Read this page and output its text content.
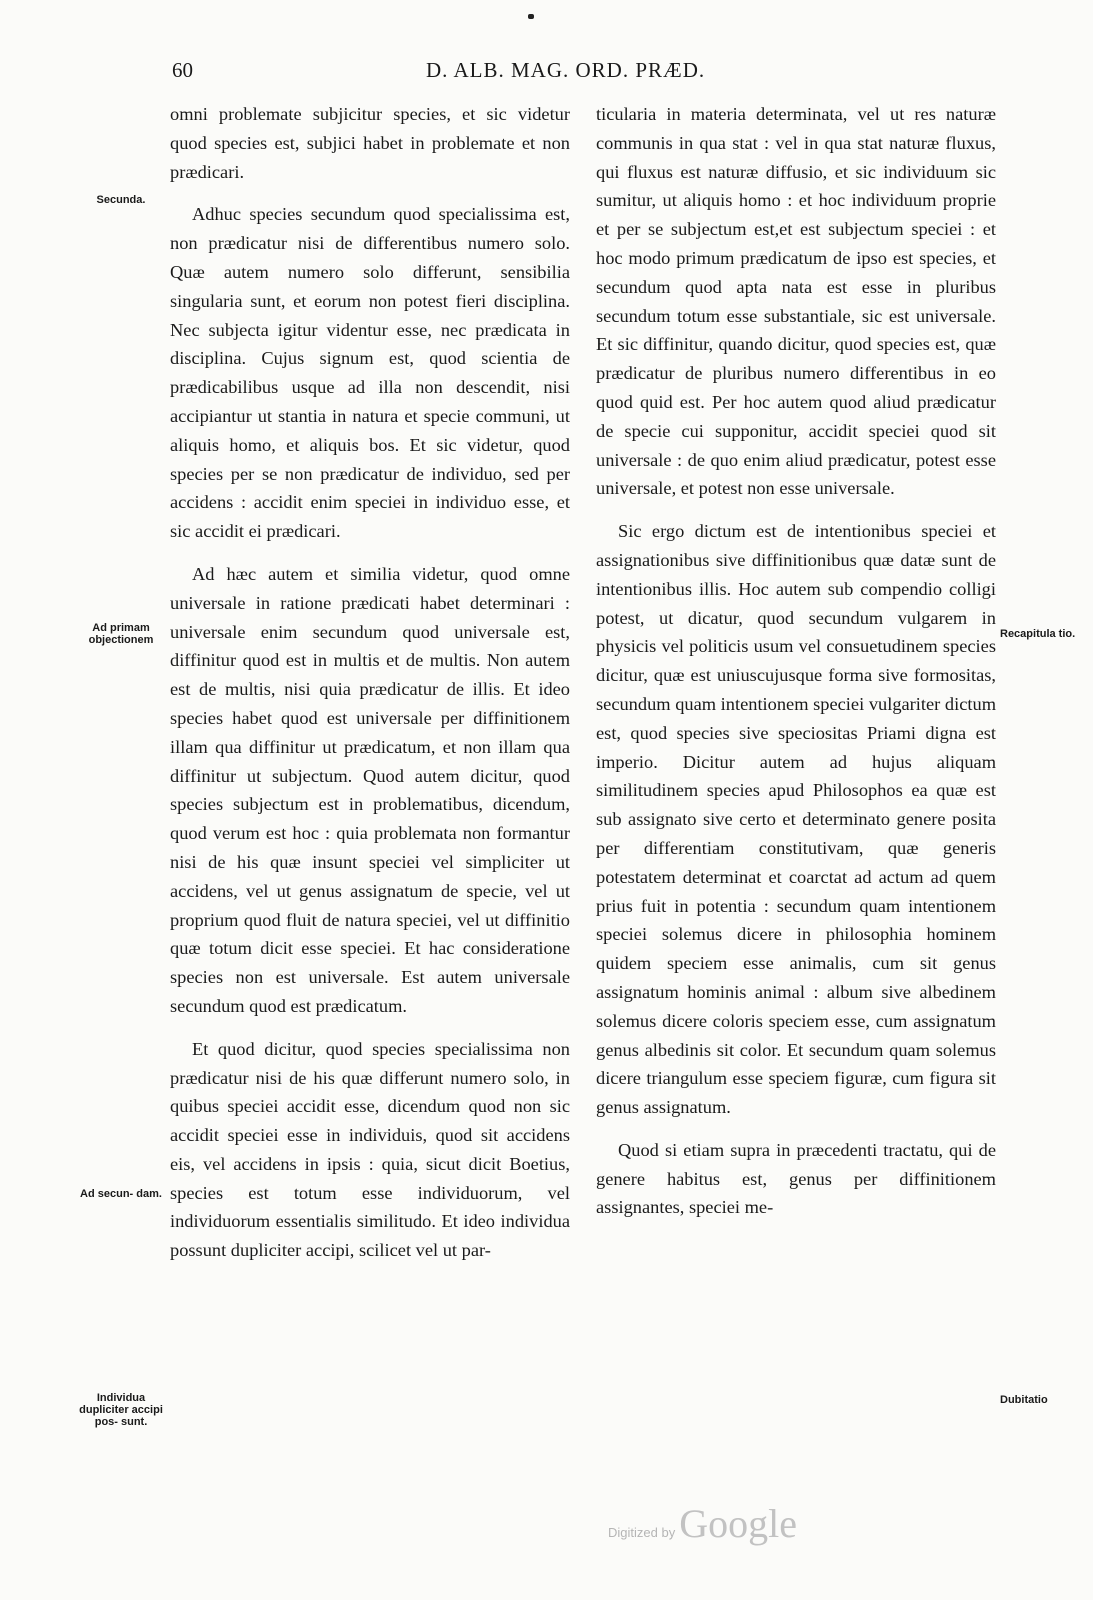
60	D. ALB. MAG. ORD. PRÆD.
Secunda.
Ad primam objectionem
Ad secun- dam.
Individua dupliciter accipi pos- sunt.
Recapitula tio.
Dubitatio

omni problemate subjicitur species, et sic videtur quod species est, subjici habet in problemate et non prædicari.

Adhuc species secundum quod specialissima est, non prædicatur nisi de differentibus numero solo. Quæ autem numero solo differunt, sensibilia singularia sunt, et eorum non potest fieri disciplina. Nec subjecta igitur videntur esse, nec prædicata in disciplina. Cujus signum est, quod scientia de prædicabilibus usque ad illa non descendit, nisi accipiantur ut stantia in natura et specie communi, ut aliquis homo, et aliquis bos. Et sic videtur, quod species per se non prædicatur de individuo, sed per accidens : accidit enim speciei in individuo esse, et sic accidit ei prædicari.

Ad hæc autem et similia videtur, quod omne universale in ratione prædicati habet determinari : universale enim secundum quod universale est, diffinitur quod est in multis et de multis. Non autem est de multis, nisi quia prædicatur de illis. Et ideo species habet quod est universale per diffinitionem illam qua diffinitur ut prædicatum, et non illam qua diffinitur ut subjectum. Quod autem dicitur, quod species subjectum est in problematibus, dicendum, quod verum est hoc : quia problemata non formantur nisi de his quæ insunt speciei vel simpliciter ut accidens, vel ut genus assignatum de specie, vel ut proprium quod fluit de natura speciei, vel ut diffinitio quæ totum dicit esse speciei. Et hac consideratione species non est universale. Est autem universale secundum quod est prædicatum.

Et quod dicitur, quod species specialissima non prædicatur nisi de his quæ differunt numero solo, in quibus speciei accidit esse, dicendum quod non sic accidit speciei esse in individuis, quod sit accidens eis, vel accidens in ipsis : quia, sicut dicit Boetius, species est totum esse individuorum, vel individuorum essentialis similitudo. Et ideo individua possunt dupliciter accipi, scilicet vel ut par-

ticularia in materia determinata, vel ut res naturæ communis in qua stat : vel in qua stat naturæ fluxus, qui fluxus est naturæ diffusio, et sic individuum sic sumitur, ut aliquis homo : et hoc individuum proprie et per se subjectum est,et est subjectum speciei : et hoc modo primum prædicatum de ipso est species, et secundum quod apta nata est esse in pluribus secundum totum esse substantiale, sic est universale. Et sic diffinitur, quando dicitur, quod species est, quæ prædicatur de pluribus numero differentibus in eo quod quid est. Per hoc autem quod aliud prædicatur de specie cui supponitur, accidit speciei quod sit universale : de quo enim aliud prædicatur, potest esse universale, et potest non esse universale.

Sic ergo dictum est de intentionibus speciei et assignationibus sive diffinitionibus quæ datæ sunt de intentionibus illis. Hoc autem sub compendio colligi potest, ut dicatur, quod secundum vulgarem in physicis vel politicis usum vel consuetudinem species dicitur, quæ est uniuscujusque forma sive formositas, secundum quam intentionem speciei vulgariter dictum est, quod species sive speciositas Priami digna est imperio. Dicitur autem ad hujus aliquam similitudinem species apud Philosophos ea quæ est sub assignato sive certo et determinato genere posita per differentiam constitutivam, quæ generis potestatem determinat et coarctat ad actum ad quem prius fuit in potentia : secundum quam intentionem speciei solemus dicere in philosophia hominem quidem speciem esse animalis, cum sit genus assignatum hominis animal : album sive albedinem solemus dicere coloris speciem esse, cum assignatum genus albedinis sit color. Et secundum quam solemus dicere triangulum esse speciem figuræ, cum figura sit genus assignatum.

Quod si etiam supra in præcedenti tractatu, qui de genere habitus est, genus per diffinitionem assignantes, speciei me-

Digitized by Google
